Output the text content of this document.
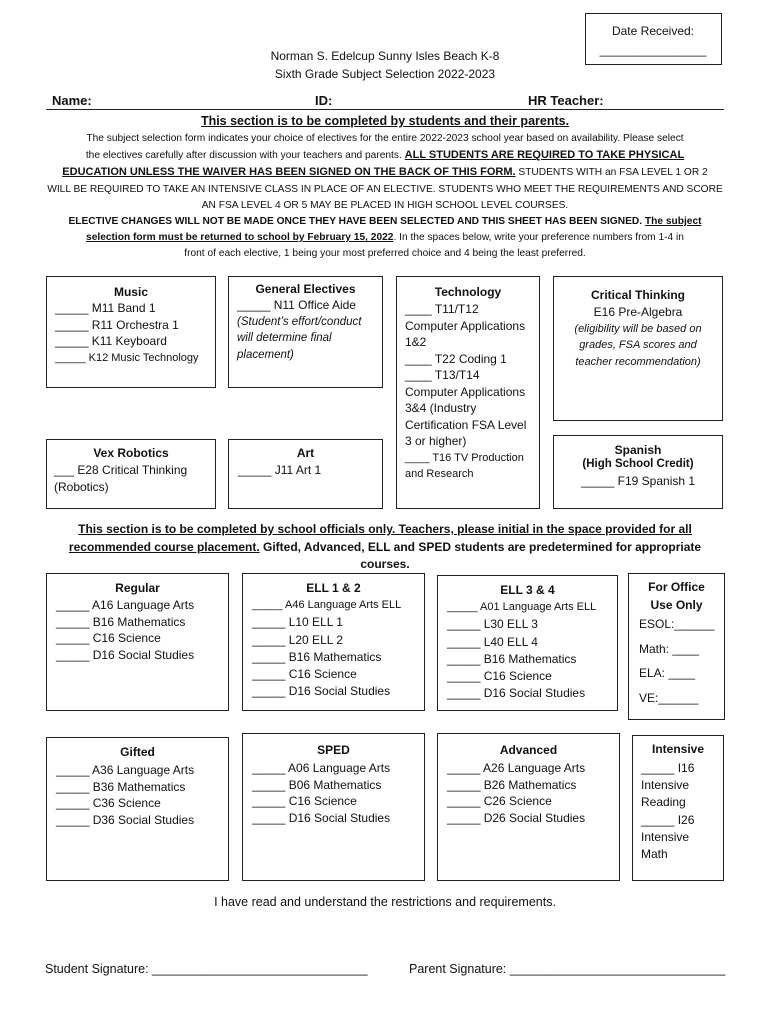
Date Received:
________________
Norman S. Edelcup Sunny Isles Beach K-8
Sixth Grade Subject Selection 2022-2023
Name:	ID:	HR Teacher:
This section is to be completed by students and their parents.
The subject selection form indicates your choice of electives for the entire 2022-2023 school year based on availability. Please select
the electives carefully after discussion with your teachers and parents. ALL STUDENTS ARE REQUIRED TO TAKE PHYSICAL
EDUCATION UNLESS THE WAIVER HAS BEEN SIGNED ON THE BACK OF THIS FORM. STUDENTS WITH an FSA LEVEL 1 OR 2
WILL BE REQUIRED TO TAKE AN INTENSIVE CLASS IN PLACE OF AN ELECTIVE. STUDENTS WHO MEET THE REQUIREMENTS AND SCORE
AN FSA LEVEL 4 OR 5 MAY BE PLACED IN HIGH SCHOOL LEVEL COURSES.
ELECTIVE CHANGES WILL NOT BE MADE ONCE THEY HAVE BEEN SELECTED AND THIS SHEET HAS BEEN SIGNED. The subject
selection form must be returned to school by February 15, 2022. In the spaces below, write your preference numbers from 1-4 in
front of each elective, 1 being your most preferred choice and 4 being the least preferred.
Music
_____ M11 Band 1
_____ R11 Orchestra 1
_____ K11 Keyboard
_____ K12 Music Technology
General Electives
_____ N11 Office Aide
(Student’s effort/conduct
will determine final
placement)
Technology
____ T11/T12
Computer Applications
1&2
____ T22 Coding 1
____ T13/T14
Computer Applications
3&4 (Industry
Certification FSA Level
3 or higher)
____ T16 TV Production
and Research
Critical Thinking
E16 Pre-Algebra
(eligibility will be based on
grades, FSA scores and
teacher recommendation)
Vex Robotics
___ E28 Critical Thinking
(Robotics)
Art
_____ J11 Art 1
Spanish
(High School Credit)
_____ F19 Spanish 1
This section is to be completed by school officials only. Teachers, please initial in the space provided for all
recommended course placement. Gifted, Advanced, ELL and SPED students are predetermined for appropriate
courses.
Regular
_____ A16 Language Arts
_____ B16 Mathematics
_____ C16 Science
_____ D16 Social Studies
ELL 1 & 2
_____ A46 Language Arts ELL
_____ L10 ELL 1
_____ L20 ELL 2
_____ B16 Mathematics
_____ C16 Science
_____ D16 Social Studies
ELL 3 & 4
_____ A01 Language Arts ELL
_____ L30 ELL 3
_____ L40 ELL 4
_____ B16 Mathematics
_____ C16 Science
_____ D16 Social Studies
For Office
Use Only
ESOL:______
Math: ____
ELA: ____
VE:______
Gifted
_____ A36 Language Arts
_____ B36 Mathematics
_____ C36 Science
_____ D36 Social Studies
SPED
_____ A06 Language Arts
_____ B06 Mathematics
_____ C16 Science
_____ D16 Social Studies
Advanced
_____ A26 Language Arts
_____ B26 Mathematics
_____ C26 Science
_____ D26 Social Studies
Intensive
_____ I16
Intensive
Reading
_____ I26
Intensive
Math
I have read and understand the restrictions and requirements.
Student Signature: _______________________________	Parent Signature: _______________________________
